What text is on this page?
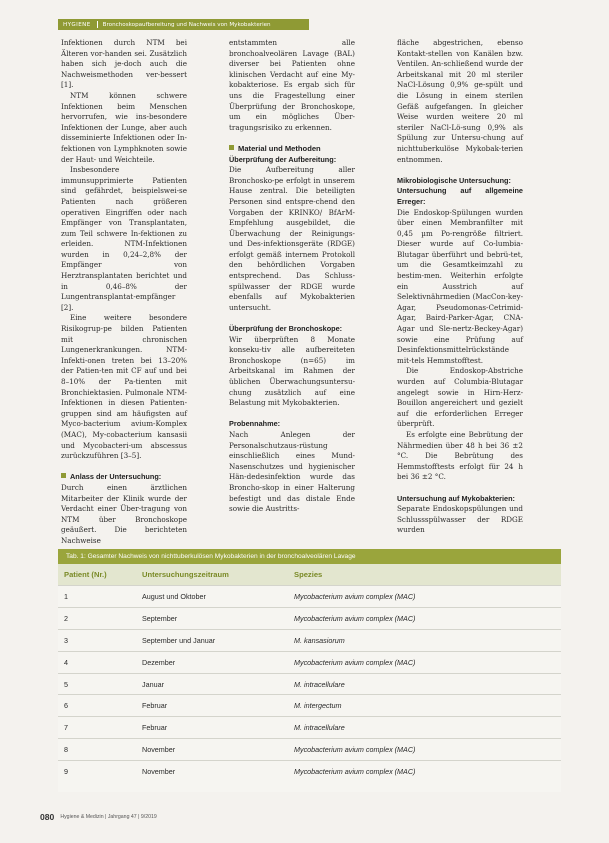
HYGIENE	Bronchoskopaufbereitung und Nachweis von Mykobakterien

Infektionen durch NTM bei Älteren vor-handen sei. Zusätzlich haben sich je-doch auch die Nachweismethoden ver-bessert [1].

NTM können schwere Infektionen beim Menschen hervorrufen, wie ins-besondere Infektionen der Lunge, aber auch disseminierte Infektionen oder In-fektionen von Lymphknoten sowie der Haut- und Weichteile.

Insbesondere immunsupprimierte Patienten sind gefährdet, beispielswei-se Patienten nach größeren operativen Eingriffen oder nach Empfänger von Transplantaten, zum Teil schwere In-fektionen zu erleiden. NTM-Infektionen wurden in 0,24–2,8% der Empfänger von Herztransplantaten berichtet und in 0,46–8% der Lungentransplantat-empfänger [2].

Eine weitere besondere Risikogrup-pe bilden Patienten mit chronischen Lungenerkrankungen. NTM-Infekti-onen treten bei 13–20% der Patien-ten mit CF auf und bei 8–10% der Pa-tienten mit Bronchiektasien. Pulmonale NTM-Infektionen in diesen Patienten-gruppen sind am häufigsten auf Myco-bacterium avium-Komplex (MAC), My-cobacterium kansasii und Mycobacteri-um abscessus zurückzuführen [3–5].

Anlass der Untersuchung:

Durch einen ärztlichen Mitarbeiter der Klinik wurde der Verdacht einer Über-tragung von NTM über Bronchoskope geäußert. Die berichteten Nachweise

entstammten alle bronchoalveolären Lavage (BAL) diverser bei Patienten ohne klinischen Verdacht auf eine My-kobakteriose. Es ergab sich für uns die Fragestellung einer Überprüfung der Bronchoskope, um ein mögliches Über-tragungsrisiko zu erkennen.

Material und Methoden
Überprüfung der Aufbereitung:

Die Aufbereitung aller Bronchosko-pe erfolgt in unserem Hause zentral. Die beteiligten Personen sind entspre-chend den Vorgaben der KRINKO/ BfArM-Empfehlung ausgebildet, die Überwachung der Reinigungs- und Des-infektionsgeräte (RDGE) erfolgt gemäß internem Protokoll den behördlichen Vorgaben entsprechend. Das Schluss-spülwasser der RDGE wurde ebenfalls auf Mykobakterien untersucht.

Überprüfung der Bronchoskope:

Wir überprüften 8 Monate konseku-tiv alle aufbereiteten Bronchoskope (n=65) im Arbeitskanal im Rahmen der üblichen Überwachungsuntersu-chung zusätzlich auf eine Belastung mit Mykobakterien.

Probennahme:

Nach Anlegen der Personalschutzaus-rüstung einschließlich eines Mund-Nasenschutzes und hygienischer Hän-dedesinfektion wurde das Broncho-skop in einer Halterung befestigt und das distale Ende sowie die Austritts-

fläche abgestrichen, ebenso Kontakt-stellen von Kanälen bzw. Ventilen. An-schließend wurde der Arbeitskanal mit 20 ml steriler NaCl-Lösung 0,9% ge-spült und die Lösung in einem sterilen Gefäß aufgefangen. In gleicher Weise wurden weitere 20 ml steriler NaCl-Lö-sung 0,9% als Spülung zur Untersu-chung auf nichttuberkulöse Mykobak-terien entnommen.

Mikrobiologische Untersuchung:
Untersuchung auf allgemeine Erreger:

Die Endoskop-Spülungen wurden über einen Membranfilter mit 0,45 µm Po-rengröße filtriert. Dieser wurde auf Co-lumbia-Blutagar überführt und bebrü-tet, um die Gesamtkeimzahl zu bestim-men. Weiterhin erfolgte ein Ausstrich auf Selektivnährmedien (MacCon-key-Agar, Pseudomonas-Cetrimid-Agar, Baird-Parker-Agar, CNA-Agar und Sle-nertz-Beckey-Agar) sowie eine Prüfung auf Desinfektionsmittelrückstände mit-tels Hemmstofftest.

Die Endoskop-Abstriche wurden auf Columbia-Blutagar angelegt sowie in Hirn-Herz-Bouillon angereichert und gezielt auf die erforderlichen Erreger überprüft.

Es erfolgte eine Bebrütung der Nährmedien über 48 h bei 36 ±2 °C. Die Bebrütung des Hemmstofftests erfolgt für 24 h bei 36 ±2 °C.

Untersuchung auf Mykobakterien:

Separate Endoskopspülungen und Schlussspülwasser der RDGE wurden

Tab. 1: Gesamter Nachweis von nichttuberkulösen Mykobakterien in der bronchoalveolären Lavage
Patient (Nr.)	Untersuchungszeitraum	Spezies
1	August und Oktober	Mycobacterium avium complex (MAC)
2	September	Mycobacterium avium complex (MAC)
3	September und Januar	M. kansasiorum
4	Dezember	Mycobacterium avium complex (MAC)
5	Januar	M. intracellulare
6	Februar	M. intergectum
7	Februar	M. intracellulare
8	November	Mycobacterium avium complex (MAC)
9	November	Mycobacterium avium complex (MAC)
080 Hygiene & Medizin | Jahrgang 47 | 9/2019
